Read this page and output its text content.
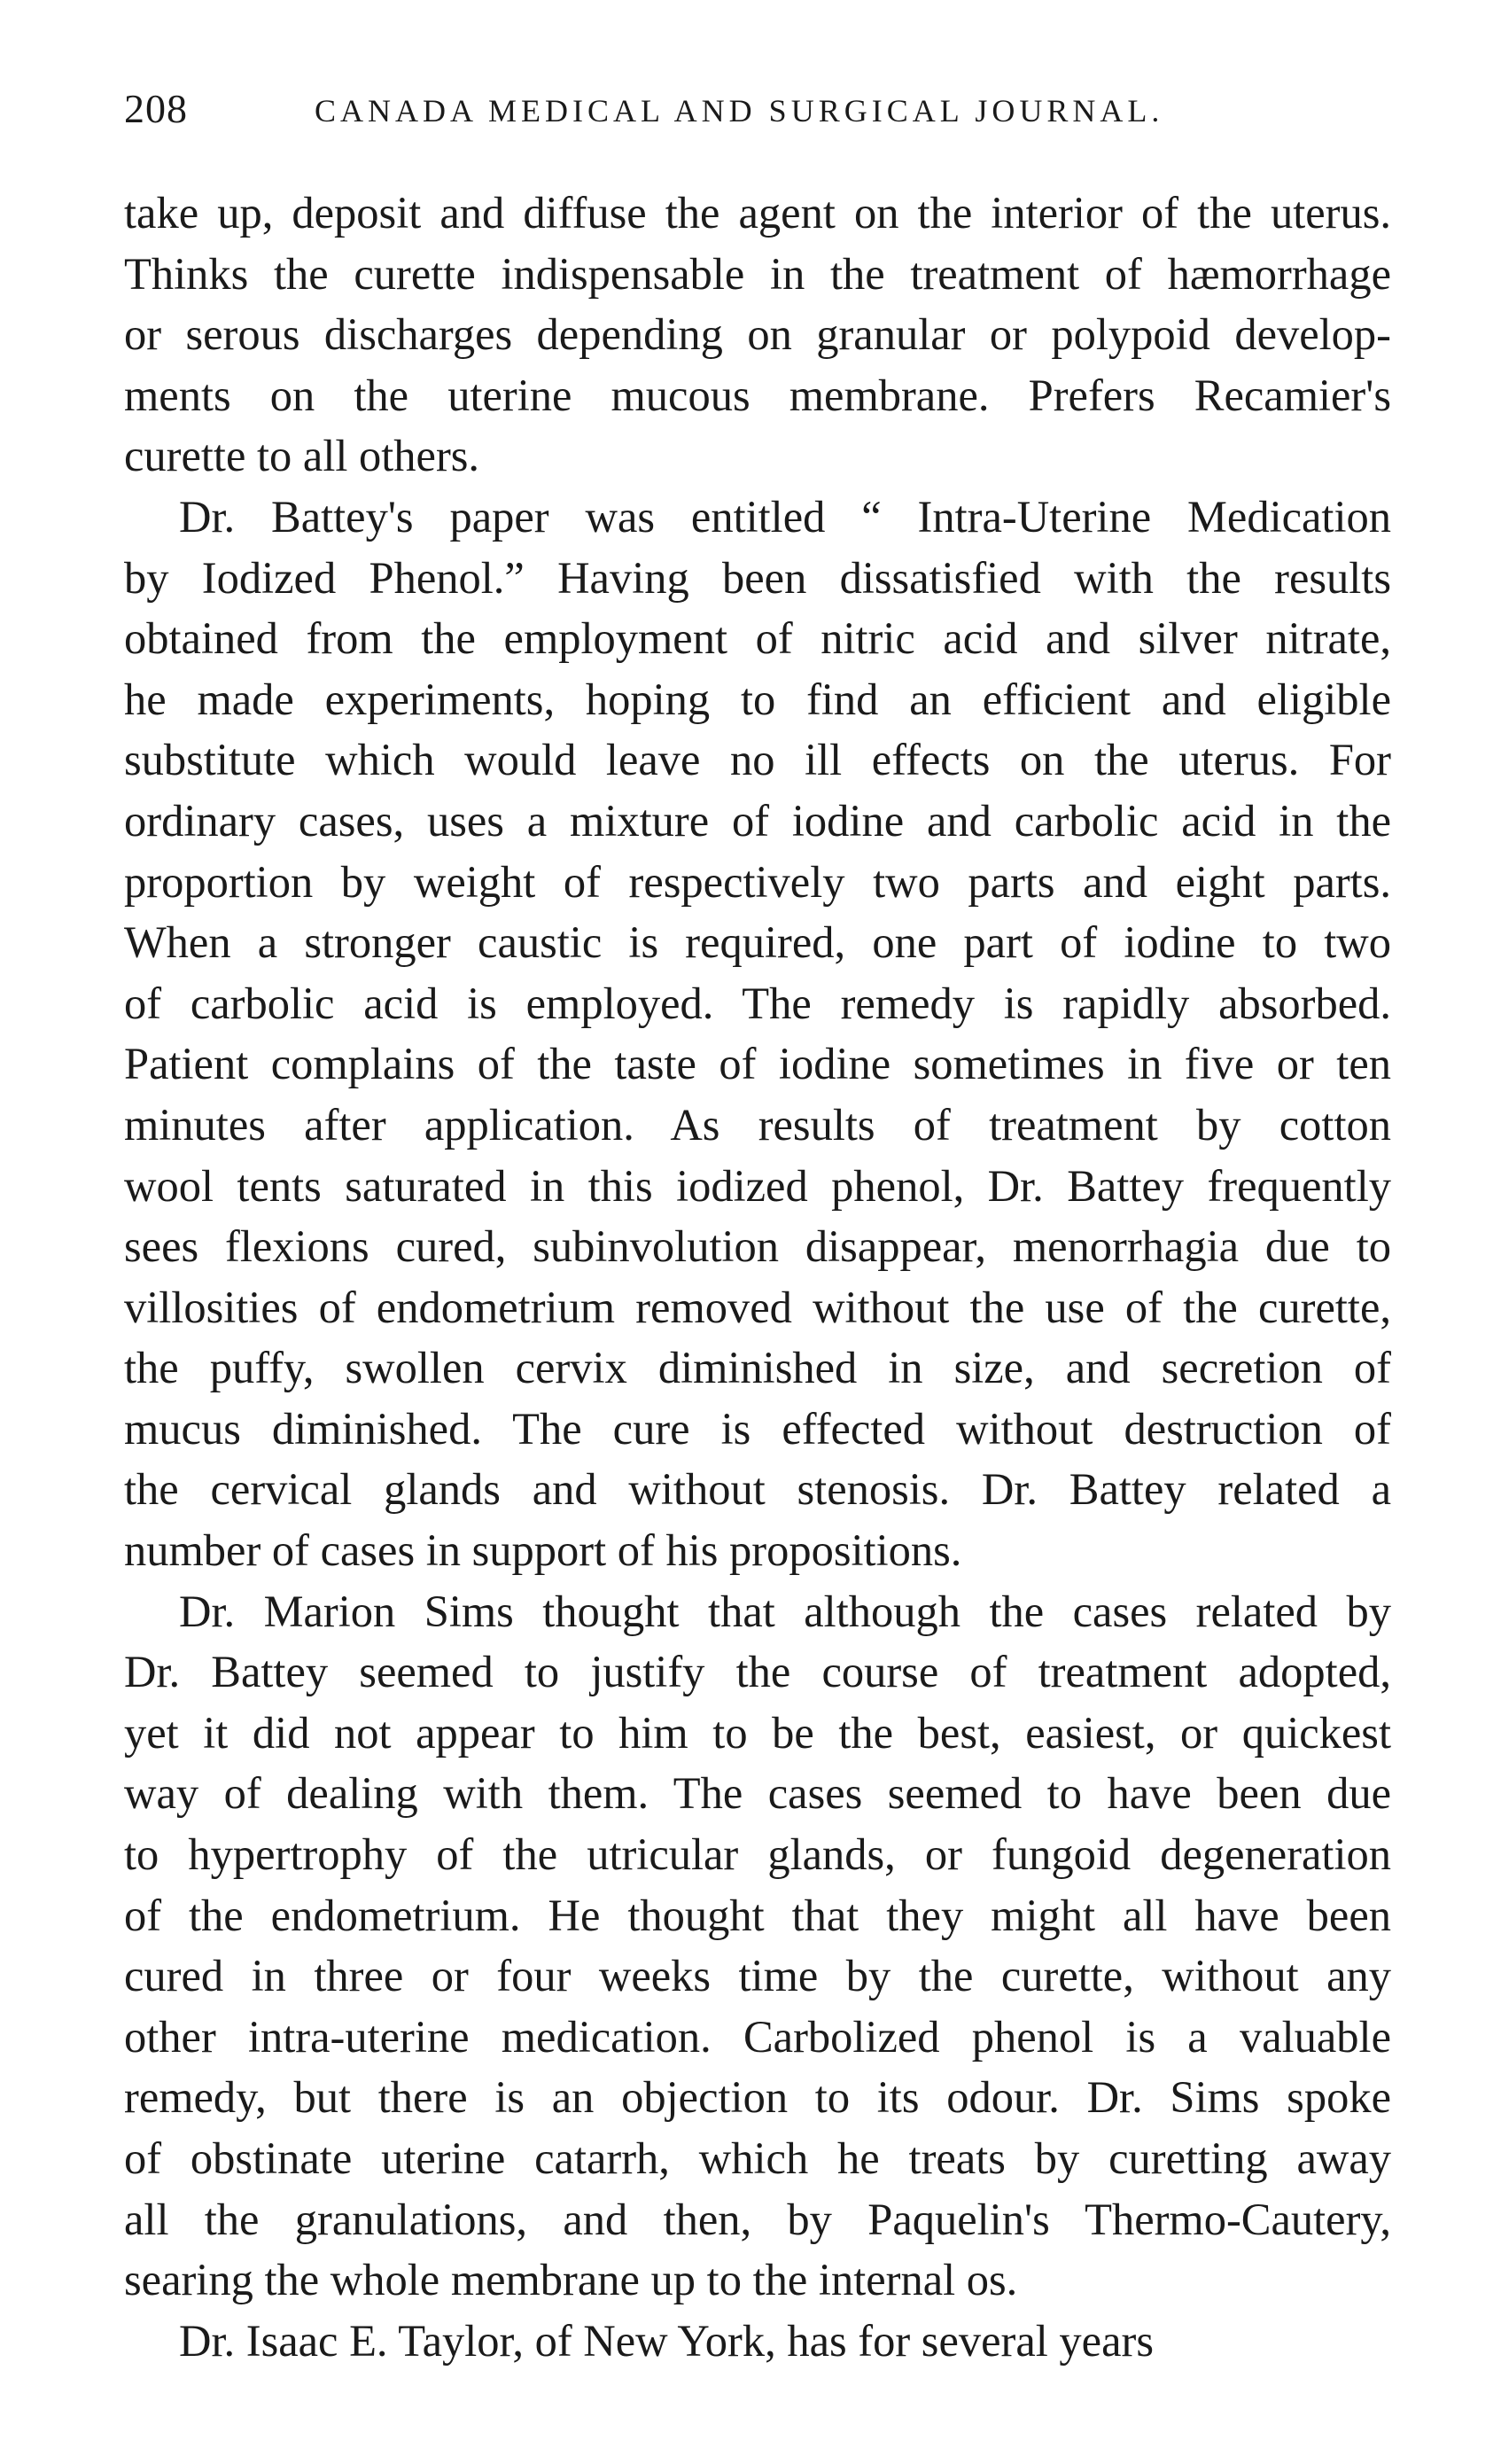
208	CANADA MEDICAL AND SURGICAL JOURNAL.

take up, deposit and diffuse the agent on the interior of the uterus.
Thinks the curette indispensable in the treatment of hæmorrhage
or serous discharges depending on granular or polypoid develop-
ments on the uterine mucous membrane. Prefers Recamier's
curette to all others.

Dr. Battey's paper was entitled “ Intra-Uterine Medication
by Iodized Phenol.” Having been dissatisfied with the results
obtained from the employment of nitric acid and silver nitrate,
he made experiments, hoping to find an efficient and eligible
substitute which would leave no ill effects on the uterus. For
ordinary cases, uses a mixture of iodine and carbolic acid in the
proportion by weight of respectively two parts and eight parts.
When a stronger caustic is required, one part of iodine to two
of carbolic acid is employed. The remedy is rapidly absorbed.
Patient complains of the taste of iodine sometimes in five or ten
minutes after application. As results of treatment by cotton
wool tents saturated in this iodized phenol, Dr. Battey frequently
sees flexions cured, subinvolution disappear, menorrhagia due to
villosities of endometrium removed without the use of the curette,
the puffy, swollen cervix diminished in size, and secretion of
mucus diminished. The cure is effected without destruction of
the cervical glands and without stenosis. Dr. Battey related a
number of cases in support of his propositions.

Dr. Marion Sims thought that although the cases related by
Dr. Battey seemed to justify the course of treatment adopted,
yet it did not appear to him to be the best, easiest, or quickest
way of dealing with them. The cases seemed to have been due
to hypertrophy of the utricular glands, or fungoid degeneration
of the endometrium. He thought that they might all have been
cured in three or four weeks time by the curette, without any
other intra-uterine medication. Carbolized phenol is a valuable
remedy, but there is an objection to its odour. Dr. Sims spoke
of obstinate uterine catarrh, which he treats by curetting away
all the granulations, and then, by Paquelin's Thermo-Cautery,
searing the whole membrane up to the internal os.

Dr. Isaac E. Taylor, of New York, has for several years
